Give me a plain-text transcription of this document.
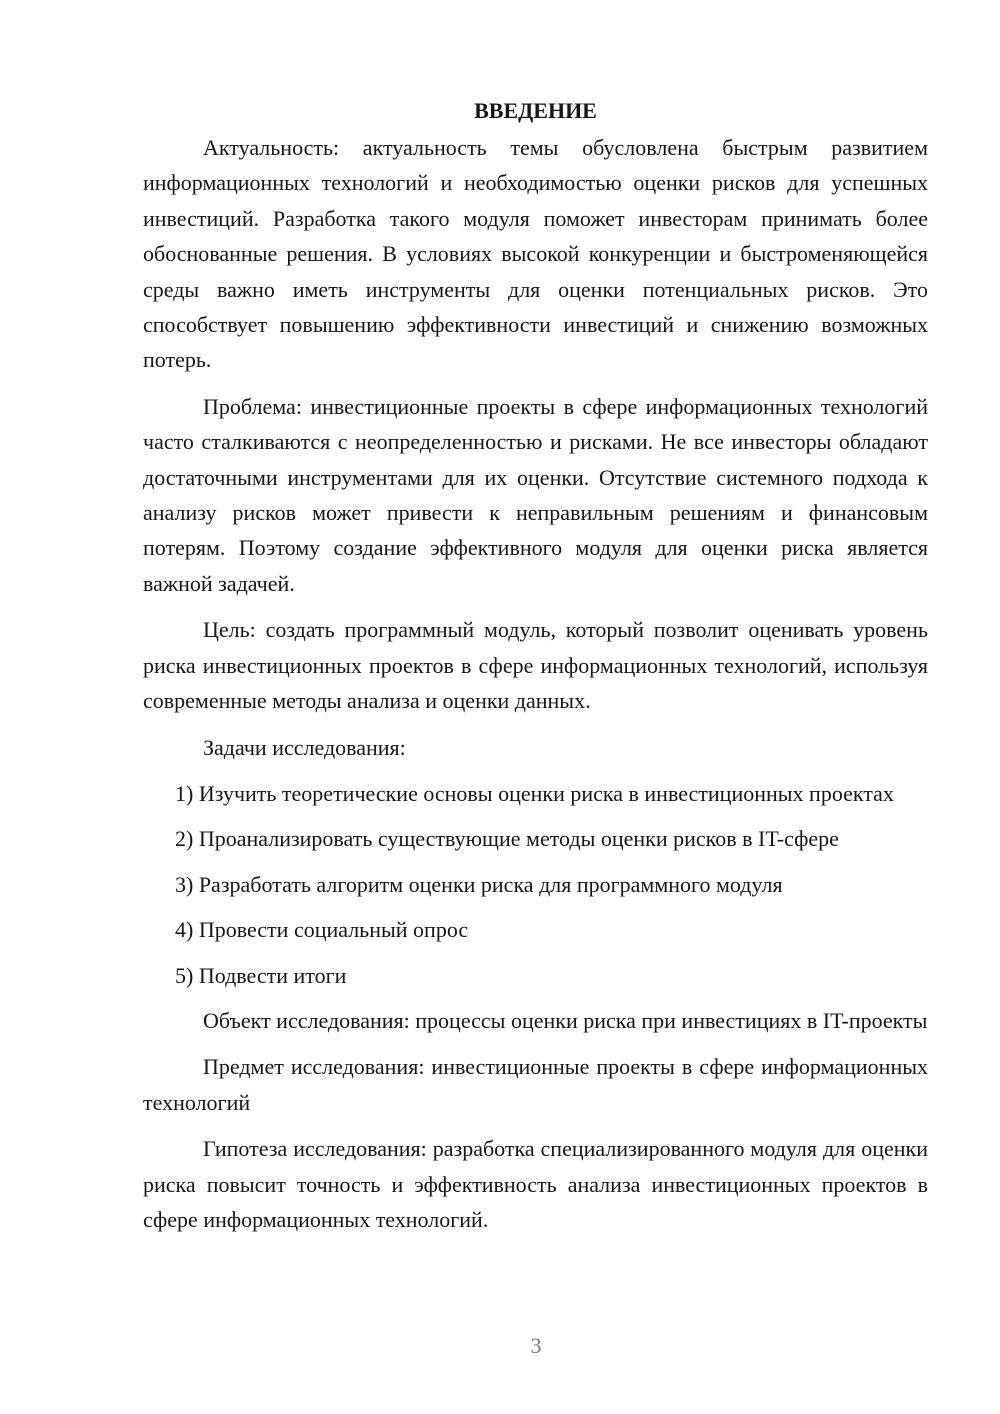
ВВЕДЕНИЕ

Актуальность: актуальность темы обусловлена быстрым развитием информационных технологий и необходимостью оценки рисков для успешных инвестиций. Разработка такого модуля поможет инвесторам принимать более обоснованные решения. В условиях высокой конкуренции и быстроменяющейся среды важно иметь инструменты для оценки потенциальных рисков. Это способствует повышению эффективности инвестиций и снижению возможных потерь.

Проблема: инвестиционные проекты в сфере информационных технологий часто сталкиваются с неопределенностью и рисками. Не все инвесторы обладают достаточными инструментами для их оценки. Отсутствие системного подхода к анализу рисков может привести к неправильным решениям и финансовым потерям. Поэтому создание эффективного модуля для оценки риска является важной задачей.

Цель: создать программный модуль, который позволит оценивать уровень риска инвестиционных проектов в сфере информационных технологий, используя современные методы анализа и оценки данных.

Задачи исследования:

1) Изучить теоретические основы оценки риска в инвестиционных проектах

2) Проанализировать существующие методы оценки рисков в IT-сфере

3) Разработать алгоритм оценки риска для программного модуля

4) Провести социальный опрос

5) Подвести итоги

Объект исследования: процессы оценки риска при инвестициях в IT-проекты

Предмет исследования: инвестиционные проекты в сфере информационных технологий

Гипотеза исследования: разработка специализированного модуля для оценки риска повысит точность и эффективность анализа инвестиционных проектов в сфере информационных технологий.

3
